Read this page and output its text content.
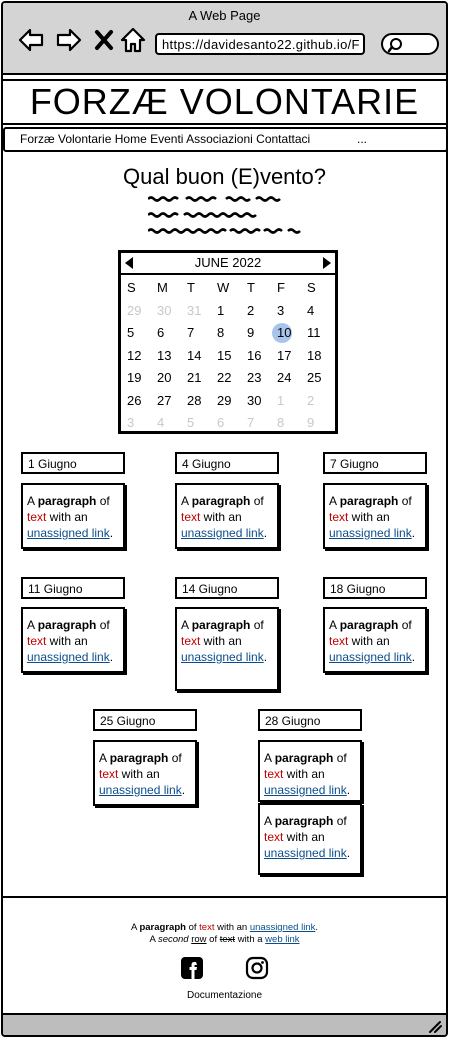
A Web Page
https://davidesanto22.github.io/F
FORZÆ VOLONTARIE
Forzæ Volontarie Home Eventi Associazioni Contattaci	...
Qual buon (E)vento?
JUNE 2022
S	M	T	W	T	F	S
29	30	31	1	2	3	4
5	6	7	8	9	10	11
12	13	14	15	16	17	18
19	20	21	22	23	24	25
26	27	28	29	30	1	2
3	4	5	6	7	8	9
1 Giugno
A paragraph of
text with an
unassigned link.
4 Giugno
A paragraph of
text with an
unassigned link.
7 Giugno
A paragraph of
text with an
unassigned link.
11 Giugno
A paragraph of
text with an
unassigned link.
14 Giugno
A paragraph of
text with an
unassigned link.
18 Giugno
A paragraph of
text with an
unassigned link.
25 Giugno
A paragraph of
text with an
unassigned link.
28 Giugno
A paragraph of
text with an
unassigned link.
A paragraph of
text with an
unassigned link.
A paragraph of text with an unassigned link.
A second row of text with a web link

Documentazione
